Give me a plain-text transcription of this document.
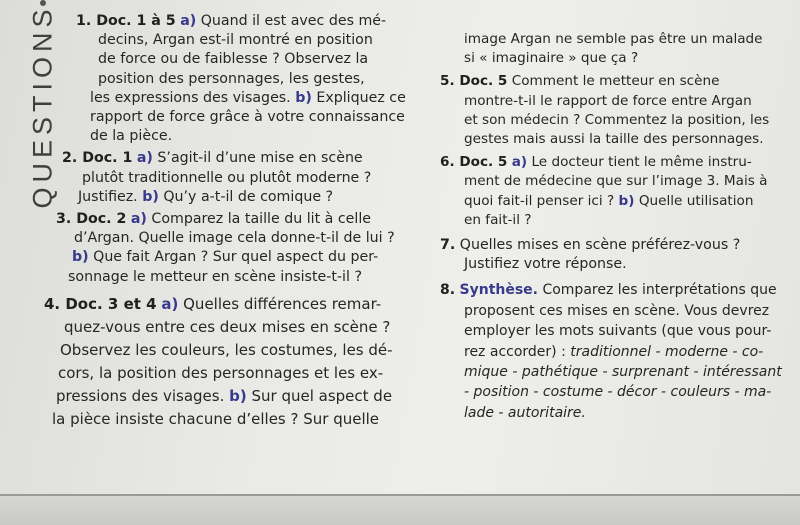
QUESTIONS	1. Doc. 1 à 5 a) Quand il est avec des mé-
decins, Argan est-il montré en position
de force ou de faiblesse ? Observez la
position des personnages, les gestes,
les expressions des visages. b) Expliquez ce
rapport de force grâce à votre connaissance
de la pièce.
2. Doc. 1 a) S’agit-il d’une mise en scène
plutôt traditionnelle ou plutôt moderne ?
Justifiez. b) Qu’y a-t-il de comique ?
3. Doc. 2 a) Comparez la taille du lit à celle
d’Argan. Quelle image cela donne-t-il de lui ?
b) Que fait Argan ? Sur quel aspect du per-
sonnage le metteur en scène insiste-t-il ?
4. Doc. 3 et 4 a) Quelles différences remar-
quez-vous entre ces deux mises en scène ?
Observez les couleurs, les costumes, les dé-
cors, la position des personnages et les ex-
pressions des visages. b) Sur quel aspect de
la pièce insiste chacune d’elles ? Sur quelle
image Argan ne semble pas être un malade
si « imaginaire » que ça ?
5. Doc. 5 Comment le metteur en scène
montre-t-il le rapport de force entre Argan
et son médecin ? Commentez la position, les
gestes mais aussi la taille des personnages.
6. Doc. 5 a) Le docteur tient le même instru-
ment de médecine que sur l’image 3. Mais à
quoi fait-il penser ici ? b) Quelle utilisation
en fait-il ?
7. Quelles mises en scène préférez-vous ?
Justifiez votre réponse.
8. Synthèse. Comparez les interprétations que
proposent ces mises en scène. Vous devrez
employer les mots suivants (que vous pour-
rez accorder) : traditionnel - moderne - co-
mique - pathétique - surprenant - intéressant
- position - costume - décor - couleurs - ma-
lade - autoritaire.
